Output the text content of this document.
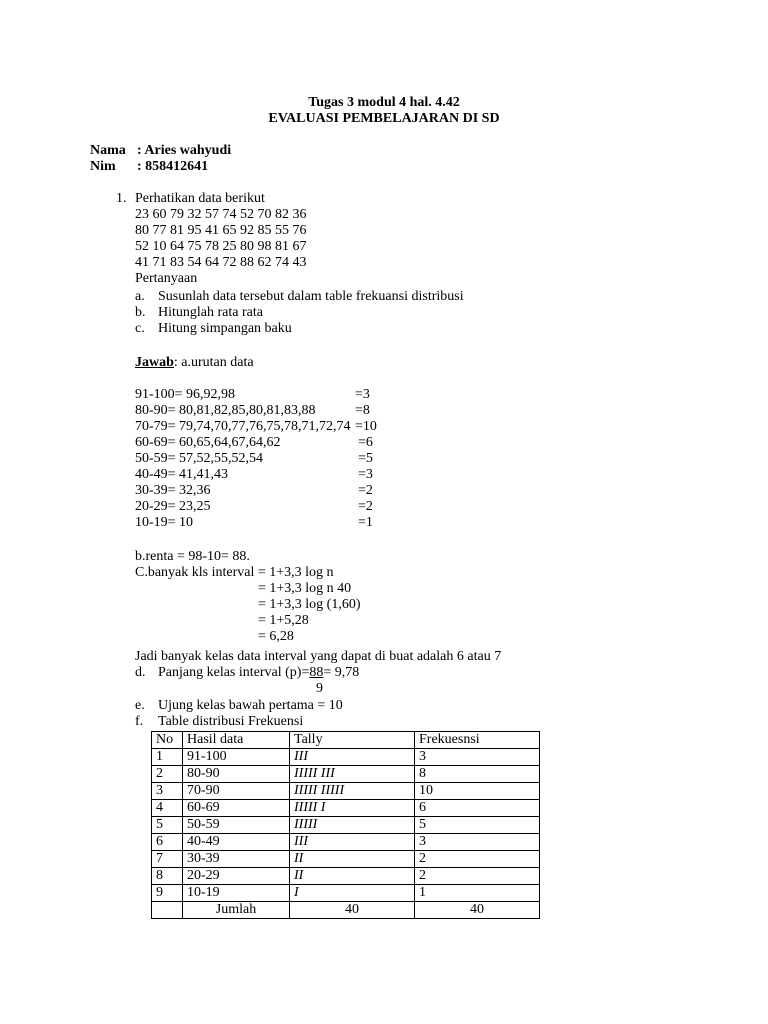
Tugas 3 modul 4 hal. 4.42
EVALUASI PEMBELAJARAN DI SD
Nama : Aries wahyudi
Nim : 858412641
1. Perhatikan data berikut
23 60 79 32 57 74 52 70 82 36
80 77 81 95 41 65 92 85 55 76
52 10 64 75 78 25 80 98 81 67
41 71 83 54 64 72 88 62 74 43
Pertanyaan
a. Susunlah data tersebut dalam table frekuansi distribusi
b. Hitunglah rata rata
c. Hitung simpangan baku
Jawab: a.urutan data
91-100= 96,92,98	=3
80-90= 80,81,82,85,80,81,83,88	=8
70-79= 79,74,70,77,76,75,78,71,72,74 =10
60-69= 60,65,64,67,64,62	=6
50-59= 57,52,55,52,54	=5
40-49= 41,41,43	=3
30-39= 32,36	=2
20-29= 23,25	=2
10-19= 10	=1
b.renta = 98-10= 88.
C.banyak kls interval = 1+3,3 log n
= 1+3,3 log n 40
= 1+3,3 log (1,60)
= 1+5,28
= 6,28
Jadi banyak kelas data interval yang dapat di buat adalah 6 atau 7
d. Panjang kelas interval (p)=88= 9,78
9
e. Ujung kelas bawah pertama = 10
f. Table distribusi Frekuensi
No	Hasil data	Tally	Frekuesnsi
1	91-100	III	3
2	80-90	IIIII III	8
3	70-90	IIIII IIIII	10
4	60-69	IIIII I	6
5	50-59	IIIII	5
6	40-49	III	3
7	30-39	II	2
8	20-29	II	2
9	10-19	I	1
	Jumlah	40	40
